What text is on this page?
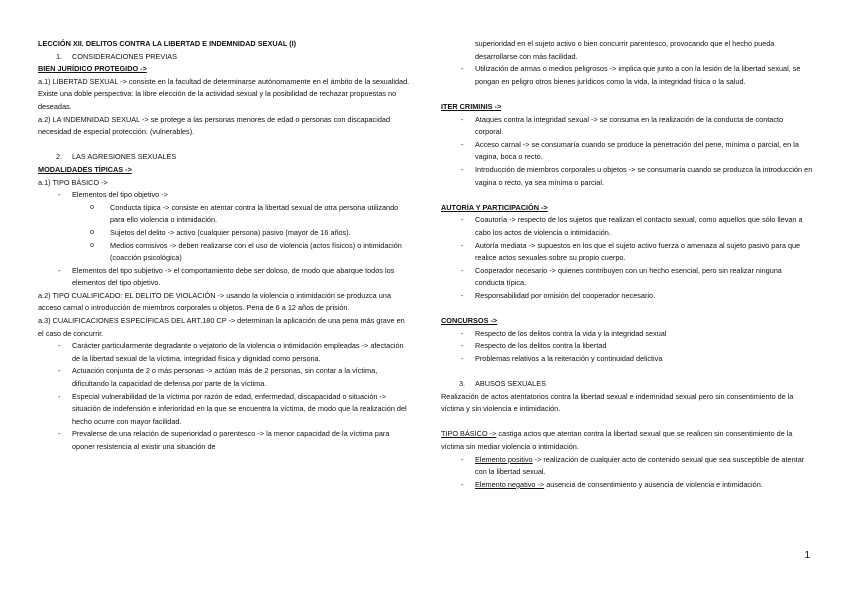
LECCIÓN XII. DELITOS CONTRA LA LIBERTAD E INDEMNIDAD SEXUAL (I)
1. CONSIDERACIONES PREVIAS
BIEN JURÍDICO PROTEGIDO ->
a.1) LIBERTAD SEXUAL -> consiste en la facultad de determinarse autónomamente en el ámbito de la sexualidad. Existe una doble perspectiva: la libre elección de la actividad sexual y la posibilidad de rechazar propuestas no deseadas.
a.2) LA INDEMNIDAD SEXUAL -> se protege a las personas menores de edad o personas con discapacidad necesidad de especial protección. (vulnerables).
2. LAS AGRESIONES SEXUALES
MODALIDADES TÍPICAS ->
a.1) TIPO BÁSICO ->
- Elementos del tipo objetivo ->
o Conducta típica -> consiste en atentar contra la libertad sexual de otra persona utilizando para ello violencia o intimidación.
o Sujetos del delito -> activo (cualquier persona) pasivo (mayor de 16 años).
o Medios comisivos -> deben realizarse con el uso de violencia (actos físicos) o intimidación (coacción psicológica)
- Elementos del tipo subjetivo -> el comportamiento debe ser doloso, de modo que abarque todos los elementos del tipo objetivo.
a.2) TIPO CUALIFICADO: EL DELITO DE VIOLACIÓN -> usando la violencia o intimidación se produzca una acceso carnal o introducción de miembros corporales u objetos. Pena de 6 a 12 años de prisión.
a.3) CUALIFICACIONES ESPECÍFICAS DEL ART.180 CP -> determinan la aplicación de una pena más grave en el caso de concurrir.
- Carácter particularmente degradante o vejatorio de la violencia o intimidación empleadas -> afectación de la libertad sexual de la víctima, integridad física y dignidad como persona.
- Actuación conjunta de 2 o más personas -> actúan más de 2 personas, sin contar a la víctima, dificultando la capacidad de defensa por parte de la víctima.
- Especial vulnerabilidad de la víctima por razón de edad, enfermedad, discapacidad o situación -> situación de indefensión e inferioridad en la que se encuentra la víctima, de modo que la realización del hecho ocurre con mayor facilidad.
- Prevalerse de una relación de superioridad o parentesco -> la menor capacidad de la víctima para oponer resistencia al existir una situación de
superioridad en el sujeto activo o bien concurrir parentesco, provocando que el hecho pueda desarrollarse con más facilidad.
- Utilización de armas o medios peligrosos -> implica que junto a con la lesión de la libertad sexual, se pongan en peligro otros bienes jurídicos como la vida, la integridad física o la salud.
ITER CRIMINIS ->
- Ataques contra la integridad sexual -> se consuma en la realización de la conducta de contacto corporal.
- Acceso carnal -> se consumaría cuando se produce la penetración del pene, mínima o parcial, en la vagina, boca o recto.
- Introducción de miembros corporales u objetos -> se consumaría cuando se produzca la introducción en vagina o recto, ya sea mínima o parcial.
AUTORÍA Y PARTICIPACIÓN ->
- Coautoría -> respecto de los sujetos que realizan el contacto sexual, como aquellos que sólo llevan a cabo los actos de violencia o intimidación.
- Autoría mediata -> supuestos en los que el sujeto activo fuerza o amenaza al sujeto pasivo para que realice actos sexuales sobre su propio cuerpo.
- Cooperador necesario -> quienes contribuyen con un hecho esencial, pero sin realizar ninguna conducta típica.
- Responsabilidad por omisión del cooperador necesario.
CONCURSOS ->
- Respecto de los delitos contra la vida y la integridad sexual
- Respecto de los delitos contra la libertad
- Problemas relativos a la reiteración y continuidad delictiva
3. ABUSOS SEXUALES
Realización de actos atentatorios contra la libertad sexual e indemnidad sexual pero sin consentimiento de la víctima y sin violencia e intimidación.
TIPO BÁSICO -> castiga actos que atentan contra la libertad sexual que se realicen sin consentimiento de la víctima sin mediar violencia o intimidación.
- Elemento positivo -> realización de cualquier acto de contenido sexual que sea susceptible de atentar con la libertad sexual.
- Elemento negativo -> ausencia de consentimiento y ausencia de violencia e intimidación.
1
